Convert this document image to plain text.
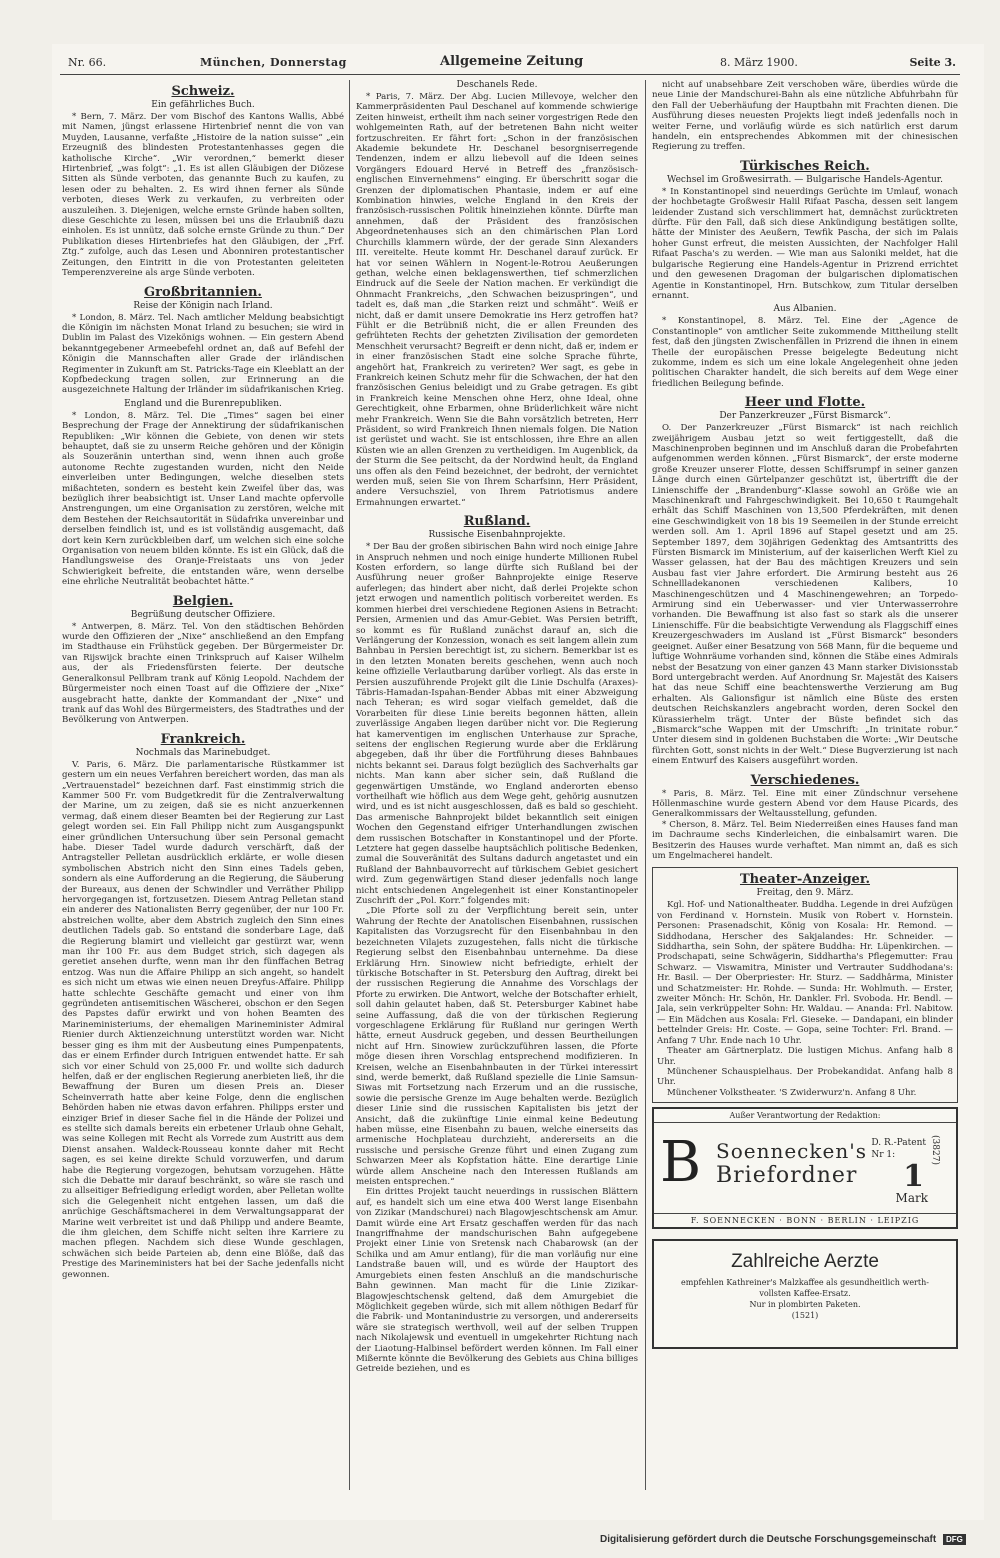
Nr. 66.	München, Donnerstag	Allgemeine Zeitung	8. März 1900.	Seite 3.
Schweiz.
Ein gefährliches Buch.

* Bern, 7. März. Der vom Bischof des Kantons Wallis, Abbé mit Namen, jüngst erlassene Hirtenbrief nennt die von van Muyden, Lausanne, verfaßte „Histoire de la nation suisse“ „ein Erzeugniß des blindesten Protestantenhasses gegen die katholische Kirche“. „Wir verordnen,“ bemerkt dieser Hirtenbrief, „was folgt“: „1. Es ist allen Gläubigen der Diözese Sitten als Sünde verboten, das genannte Buch zu kaufen, zu lesen oder zu behalten. 2. Es wird ihnen ferner als Sünde verboten, dieses Werk zu verkaufen, zu verbreiten oder auszuleihen. 3. Diejenigen, welche ernste Gründe haben sollten, diese Geschichte zu lesen, müssen bei uns die Erlaubniß dazu einholen. Es ist unnütz, daß solche ernste Gründe zu thun.“ Der Publikation dieses Hirtenbriefes hat den Gläubigen, der „Frf. Ztg.“ zufolge, auch das Lesen und Abonniren protestantischer Zeitungen, den Eintritt in die von Protestanten geleiteten Temperenzvereine als arge Sünde verboten.

Großbritannien.
Reise der Königin nach Irland.

* London, 8. März. Tel. Nach amtlicher Meldung beabsichtigt die Königin im nächsten Monat Irland zu besuchen; sie wird in Dublin im Palast des Vizekönigs wohnen. — Ein gestern Abend bekanntgegebener Armeebefehl ordnet an, daß auf Befehl der Königin die Mannschaften aller Grade der irländischen Regimenter in Zukunft am St. Patricks-Tage ein Kleeblatt an der Kopfbedeckung tragen sollen, zur Erinnerung an die ausgezeichnete Haltung der Irländer im südafrikanischen Krieg.

England und die Burenrepubliken.

* London, 8. März. Tel. Die „Times“ sagen bei einer Besprechung der Frage der Annektirung der südafrikanischen Republiken: „Wir können die Gebiete, von denen wir stets behauptet, daß sie zu unserm Reiche gehören und der Königin als Souzeränin unterthan sind, wenn ihnen auch große autonome Rechte zugestanden wurden, nicht den Neide einverleiben unter Bedingungen, welche dieselben stets mißachteten, sondern es besteht kein Zweifel über das, was bezüglich ihrer beabsichtigt ist. Unser Land machte opfervolle Anstrengungen, um eine Organisation zu zerstören, welche mit dem Bestehen der Reichsautorität in Südafrika unvereinbar und derselben feindlich ist, und es ist vollständig ausgemacht, daß dort kein Kern zurückbleiben darf, um welchen sich eine solche Organisation von neuem bilden könnte. Es ist ein Glück, daß die Handlungsweise des Oranje-Freistaats uns von jeder Schwierigkeit befreite, die entstanden wäre, wenn derselbe eine ehrliche Neutralität beobachtet hätte.“

Belgien.
Begrüßung deutscher Offiziere.

* Antwerpen, 8. März. Tel. Von den städtischen Behörden wurde den Offizieren der „Nixe“ anschließend an den Empfang im Stadthause ein Frühstück gegeben. Der Bürgermeister Dr. van Rijswijck brachte einen Trinkspruch auf Kaiser Wilhelm aus, der als Friedensfürsten feierte. Der deutsche Generalkonsul Pellbram trank auf König Leopold. Nachdem der Bürgermeister noch einen Toast auf die Offiziere der „Nixe“ ausgebracht hatte, dankte der Kommandant der „Nixe“ und trank auf das Wohl des Bürgermeisters, des Stadtrathes und der Bevölkerung von Antwerpen.

Frankreich.
Nochmals das Marinebudget.

V. Paris, 6. März. Die parlamentarische Rüstkammer ist gestern um ein neues Verfahren bereichert worden, das man als „Vertrauenstadel“ bezeichnen darf. Fast einstimmig strich die Kammer 500 Fr. vom Budgetkredit für die Zentralverwaltung der Marine, um zu zeigen, daß sie es nicht anzuerkennen vermag, daß einem dieser Beamten bei der Regierung zur Last gelegt worden sei. Ein Fall Philipp nicht zum Ausgangspunkt einer gründlichen Untersuchung über sein Personal gemacht habe. Dieser Tadel wurde dadurch verschärft, daß der Antragsteller Pelletan ausdrücklich erklärte, er wolle diesen symbolischen Abstrich nicht den Sinn eines Tadels geben, sondern als eine Aufforderung an die Regierung, die Säuberung der Bureaux, aus denen der Schwindler und Verräther Philipp hervorgegangen ist, fortzusetzen. Diesem Antrag Pelletan stand ein anderer des Nationalisten Berry gegenüber, der nur 100 Fr. abstreichen wollte, aber dem Abstrich zugleich den Sinn eines deutlichen Tadels gab. So entstand die sonderbare Lage, daß die Regierung blamirt und vielleicht gar gestürzt war, wenn man ihr 100 Fr. aus dem Budget strich, sich dagegen als geretiet ansehen durfte, wenn man ihr den fünffachen Betrag entzog. Was nun die Affaire Philipp an sich angeht, so handelt es sich nicht um etwas wie einen neuen Dreyfus-Affaire. Philipp hatte schlechte Geschäfte gemacht und einer von ihm gegründeten antisemitischen Wäscherei, obschon er den Segen des Papstes dafür erwirkt und von hohen Beamten des Marineministeriums, der ehemaligen Marineminister Admiral Rienier durch Aktienzeichnung unterstützt worden war. Nicht besser ging es ihm mit der Ausbeutung eines Pumpenpatents, das er einem Erfinder durch Intriguen entwendet hatte. Er sah sich vor einer Schuld von 25,000 Fr. und wollte sich dadurch helfen, daß er der englischen Regierung anerbieten ließ, ihr die Bewaffnung der Buren um diesen Preis an. Dieser Scheinverrath hatte aber keine Folge, denn die englischen Behörden haben nie etwas davon erfahren. Philipps erster und einziger Brief in dieser Sache fiel in die Hände der Polizei und es stellte sich damals bereits ein erbetener Urlaub ohne Gehalt, was seine Kollegen mit Recht als Vorrede zum Austritt aus dem Dienst ansahen. Waldeck-Rousseau konnte daher mit Recht sagen, es sei keine direkte Schuld vorzuwerfen, und darum habe die Regierung vorgezogen, behutsam vorzugehen. Hätte sich die Debatte mir darauf beschränkt, so wäre sie rasch und zu allseitiger Befriedigung erledigt worden, aber Pelletan wollte sich die Gelegenheit nicht entgehen lassen, um daß die anrüchige Geschäftsmacherei in dem Verwaltungsapparat der Marine weit verbreitet ist und daß Philipp und andere Beamte, die ihm gleichen, dem Schiffe nicht selten ihre Karriere zu machen pflegen. Nachdem sich diese Wunde geschlagen, schwächen sich beide Parteien ab, denn eine Blöße, daß das Prestige des Marineministers hat bei der Sache jedenfalls nicht gewonnen.

Deschanels Rede.

* Paris, 7. März. Der Abg. Lucien Millevoye, welcher den Kammerpräsidenten Paul Deschanel auf kommende schwierige Zeiten hinweist, ertheilt ihm nach seiner vorgestrigen Rede den wohlgemeinten Rath, auf der betretenen Bahn nicht weiter fortzuschreiten. Er fährt fort: „Schon in der französischen Akademie bekundete Hr. Deschanel besorgniserregende Tendenzen, indem er allzu liebevoll auf die Ideen seines Vorgängers Edouard Hervé in Betreff des „französisch-englischen Einvernehmens“ einging. Er überschritt sogar die Grenzen der diplomatischen Phantasie, indem er auf eine Kombination hinwies, welche England in den Kreis der französisch-russischen Politik hineinziehen könnte. Dürfte man annehmen, daß der Präsident des französischen Abgeordnetenhauses sich an den chimärischen Plan Lord Churchills klammern würde, der der gerade Sinn Alexanders III. vereitelte. Heute kommt Hr. Deschanel darauf zurück. Er hat vor seinen Wählern in Nogent-le-Rotrou Aeußerungen gethan, welche einen beklagenswerthen, tief schmerzlichen Eindruck auf die Seele der Nation machen. Er verkündigt die Ohnmacht Frankreichs, „den Schwachen beizuspringen“, und tadelt es, daß man „die Starken reizt und schmäht“. Weiß er nicht, daß er damit unsere Demokratie ins Herz getroffen hat? Fühlt er die Betrübniß nicht, die er allen Freunden des gefrühteten Rechts der gehetzten Zivilisation der gemordeten Menschheit verursacht? Begreift er denn nicht, daß er, indem er in einer französischen Stadt eine solche Sprache führte, angehört hat, Frankreich zu verireten? Wer sagt, es gebe in Frankreich keinen Schutz mehr für die Schwachen, der hat den französischen Genius beleidigt und zu Grabe getragen. Es gibt in Frankreich keine Menschen ohne Herz, ohne Ideal, ohne Gerechtigkeit, ohne Erbarmen, ohne Brüderlichkeit wäre nicht mehr Frankreich. Wenn Sie die Bahn vorsätzlich betreten, Herr Präsident, so wird Frankreich Ihnen niemals folgen. Die Nation ist gerüstet und wacht. Sie ist entschlossen, ihre Ehre an allen Küsten wie an allen Grenzen zu vertheidigen. Im Augenblick, da der Sturm die See peitscht, da der Nordwind heult, da England uns offen als den Feind bezeichnet, der bedroht, der vernichtet werden muß, seien Sie von Ihrem Scharfsinn, Herr Präsident, andere Versuchsziel, von Ihrem Patriotismus andere Ermahnungen erwartet.“

Rußland.
Russische Eisenbahnprojekte.

* Der Bau der großen sibirischen Bahn wird noch einige Jahre in Anspruch nehmen und noch einige hunderte Millionen Rubel Kosten erfordern, so lange dürfte sich Rußland bei der Ausführung neuer großer Bahnprojekte einige Reserve auferlegen; das hindert aber nicht, daß derlei Projekte schon jetzt erwogen und namentlich politisch vorbereitet werden. Es kommen hierbei drei verschiedene Regionen Asiens in Betracht: Persien, Armenien und das Amur-Gebiet. Was Persien betrifft, so kommt es für Rußland zunächst darauf an, sich die Verlängerung der Konzession, wonach es seit langem allein zum Bahnbau in Persien berechtigt ist, zu sichern. Bemerkbar ist es in den letzten Monaten bereits geschehen, wenn auch noch keine offizielle Verlautbarung darüber vorliegt. Als das erste in Persien auszuführende Projekt gilt die Linie Dschulfa (Araxes)-Täbris-Hamadan-Ispahan-Bender Abbas mit einer Abzweigung nach Teheran; es wird sogar vielfach gemeldet, daß die Vorarbeiten für diese Linie bereits begonnen hätten, allein zuverlässige Angaben liegen darüber nicht vor. Die Regierung hat kamerventigen im englischen Unterhause zur Sprache, seitens der englischen Regierung wurde aber die Erklärung abgegeben, daß ihr über die Fortführung dieses Bahnbaues nichts bekannt sei. Daraus folgt bezüglich des Sachverhalts gar nichts. Man kann aber sicher sein, daß Rußland die gegenwärtigen Umstände, wo England anderorten ebenso vortheilhaft wie höflich aus dem Wege geht, gehörig ausnutzen wird, und es ist nicht ausgeschlossen, daß es bald so geschieht. Das armenische Bahnprojekt bildet bekanntlich seit einigen Wochen den Gegenstand eifriger Unterhandlungen zwischen dem russischen Botschafter in Konstantinopel und der Pforte. Letztere hat gegen dasselbe hauptsächlich politische Bedenken, zumal die Souveränität des Sultans dadurch angetastet und ein Rußland der Bahnbauvorrecht auf türkischem Gebiet gesichert wird. Zum gegenwärtigen Stand dieser jedenfalls noch lange nicht entschiedenen Angelegenheit ist einer Konstantinopeler Zuschrift der „Pol. Korr.“ folgendes mit:

„Die Pforte soll zu der Verpflichtung bereit sein, unter Wahrung der Rechte der Anatolischen Eisenbahnen, russischen Kapitalisten das Vorzugsrecht für den Eisenbahnbau in den bezeichneten Vilajets zuzugestehen, falls nicht die türkische Regierung selbst den Eisenbahnbau unternehme. Da diese Erklärung Hrn. Sinowiew nicht befriedigte, erhielt der türkische Botschafter in St. Petersburg den Auftrag, direkt bei der russischen Regierung die Annahme des Vorschlags der Pforte zu erwirken. Die Antwort, welche der Botschafter erhielt, soll dahin gelautet haben, daß St. Petersburger Kabinet habe seine Auffassung, daß die von der türkischen Regierung vorgeschlagene Erklärung für Rußland nur geringen Werth hätte, erneut Ausdruck gegeben, und dessen Beurtheilungen nicht auf Hrn. Sinowiew zurückzuführen lassen, die Pforte möge diesen ihren Vorschlag entsprechend modifizieren. In Kreisen, welche an Eisenbahnbauten in der Türkei interessirt sind, werde bemerkt, daß Rußland spezielle die Linie Samsun-Siwas mit Fortsetzung nach Erzerum und an die russische, sowie die persische Grenze im Auge behalten werde. Bezüglich dieser Linie sind die russischen Kapitalisten bis jetzt der Ansicht, daß die zukünftige Linie einmal keine Bedeutung haben müsse, eine Eisenbahn zu bauen, welche einerseits das armenische Hochplateau durchzieht, andererseits an die russische und persische Grenze führt und einen Zugang zum Schwarzen Meer als Kopfstation hätte. Eine derartige Linie würde allem Anscheine nach den Interessen Rußlands am meisten entsprechen.“

Ein drittes Projekt taucht neuerdings in russischen Blättern auf, es handelt sich um eine etwa 400 Werst lange Eisenbahn von Zizikar (Mandschurei) nach Blagowjeschtschensk am Amur. Damit würde eine Art Ersatz geschaffen werden für das nach Inangriffnahme der mandschurischen Bahn aufgegebene Projekt einer Linie von Sretensk nach Chabarowsk (an der Schilka und am Amur entlang), für die man vorläufig nur eine Landstraße bauen will, und es würde der Hauptort des Amurgebiets einen festen Anschluß an die mandschurische Bahn gewinnen. Man macht für die Linie Zizikar-Blagowjeschtschensk geltend, daß dem Amurgebiet die Möglichkeit gegeben würde, sich mit allem nöthigen Bedarf für die Fabrik- und Montanindustrie zu versorgen, und andererseits wäre sie strategisch werthvoll, weil auf der selben Truppen nach Nikolajewsk und eventuell in umgekehrter Richtung nach der Liaotung-Halbinsel befördert werden können. Im Fall einer Mißernte könnte die Bevölkerung des Gebiets aus China billiges Getreide beziehen, und es

nicht auf unabsehbare Zeit verschoben wäre, überdies würde die neue Linie der Mandschurei-Bahn als eine nützliche Abfuhrbahn für den Fall der Ueberhäufung der Hauptbahn mit Frachten dienen. Die Ausführung dieses neuesten Projekts liegt indeß jedenfalls noch in weiter Ferne, und vorläufig würde es sich natürlich erst darum handeln, ein entsprechendes Abkommen mit der chinesischen Regierung zu treffen.

Türkisches Reich.
Wechsel im Großwesirrath. — Bulgarische Handels-Agentur.

* In Konstantinopel sind neuerdings Gerüchte im Umlauf, wonach der hochbetagte Großwesir Halil Rifaat Pascha, dessen seit langem leidender Zustand sich verschlimmert hat, demnächst zurücktreten dürfte. Für den Fall, daß sich diese Ankündigung bestätigen sollte, hätte der Minister des Aeußern, Tewfik Pascha, der sich im Palais hoher Gunst erfreut, die meisten Aussichten, der Nachfolger Halil Rifaat Pascha's zu werden. — Wie man aus Saloniki meldet, hat die bulgarische Regierung eine Handels-Agentur in Prizrend errichtet und den gewesenen Dragoman der bulgarischen diplomatischen Agentie in Konstantinopel, Hrn. Butschkow, zum Titular derselben ernannt.

Aus Albanien.

* Konstantinopel, 8. März. Tel. Eine der „Agence de Constantinople“ von amtlicher Seite zukommende Mittheilung stellt fest, daß den jüngsten Zwischenfällen in Prizrend die ihnen in einem Theile der europäischen Presse beigelegte Bedeutung nicht zukomme, indem es sich um eine lokale Angelegenheit ohne jeden politischen Charakter handelt, die sich bereits auf dem Wege einer friedlichen Beilegung befinde.

Heer und Flotte.
Der Panzerkreuzer „Fürst Bismarck“.

O. Der Panzerkreuzer „Fürst Bismarck“ ist nach reichlich zweijährigem Ausbau jetzt so weit fertiggestellt, daß die Maschinenproben beginnen und im Anschluß daran die Probefahrten aufgenommen werden können. „Fürst Bismarck“, der erste moderne große Kreuzer unserer Flotte, dessen Schiffsrumpf in seiner ganzen Länge durch einen Gürtelpanzer geschützt ist, übertrifft die der Linienschiffe der „Brandenburg“-Klasse sowohl an Größe wie an Maschinenkraft und Fahrgeschwindigkeit. Bei 10,650 t Raumgehalt erhält das Schiff Maschinen von 13,500 Pferdekräften, mit denen eine Geschwindigkeit von 18 bis 19 Seemeilen in der Stunde erreicht werden soll. Am 1. April 1896 auf Stapel gesetzt und am 25. September 1897, dem 30jährigen Gedenktag des Amtsantritts des Fürsten Bismarck im Ministerium, auf der kaiserlichen Werft Kiel zu Wasser gelassen, hat der Bau des mächtigen Kreuzers und sein Ausbau fast vier Jahre erfordert. Die Armirung besteht aus 26 Schnellladekanonen verschiedenen Kalibers, 10 Maschinengeschützen und 4 Maschinengewehren; an Torpedo-Armirung sind ein Ueberwasser- und vier Unterwasserrohre vorhanden. Die Bewaffnung ist also fast so stark als die unserer Linienschiffe. Für die beabsichtigte Verwendung als Flaggschiff eines Kreuzergeschwaders im Ausland ist „Fürst Bismarck“ besonders geeignet. Außer einer Besatzung von 568 Mann, für die bequeme und luftige Wohnräume vorhanden sind, können die Stäbe eines Admirals nebst der Besatzung von einer ganzen 43 Mann starker Divisionsstab Bord untergebracht werden. Auf Anordnung Sr. Majestät des Kaisers hat das neue Schiff eine beachtenswerthe Verzierung am Bug erhalten. Als Galionsfigur ist nämlich eine Büste des ersten deutschen Reichskanzlers angebracht worden, deren Sockel den Kürassierhelm trägt. Unter der Büste befindet sich das „Bismarck“sche Wappen mit der Umschrift: „In trinitate robur.“ Unter diesem sind in goldenen Buchstaben die Worte: „Wir Deutsche fürchten Gott, sonst nichts in der Welt.“ Diese Bugverzierung ist nach einem Entwurf des Kaisers ausgeführt worden.

Verschiedenes.

* Paris, 8. März. Tel. Eine mit einer Zündschnur versehene Höllenmaschine wurde gestern Abend vor dem Hause Picards, des Generalkommissars der Weltausstellung, gefunden.

* Cherson, 8. März. Tel. Beim Niederreißen eines Hauses fand man im Dachraume sechs Kinderleichen, die einbalsamirt waren. Die Besitzerin des Hauses wurde verhaftet. Man nimmt an, daß es sich um Engelmacherei handelt.

Theater-Anzeiger.
Freitag, den 9. März.

Kgl. Hof- und Nationaltheater. Buddha. Legende in drei Aufzügen von Ferdinand v. Hornstein. Musik von Robert v. Hornstein. Personen: Prasenadschit, König von Kosala: Hr. Remond. — Siddhodana, Herscher des Sakjalandes: Hr. Schneider. — Siddhartha, sein Sohn, der spätere Buddha: Hr. Lüpenkirchen. — Prodschapati, seine Schwägerin, Siddhartha's Pflegemutter: Frau Schwarz. — Viswamitra, Minister und Vertrauter Suddhodana's: Hr. Basil. — Der Oberpriester: Hr. Sturz. — Saddhârma, Minister und Schatzmeister: Hr. Rohde. — Sunda: Hr. Wohlmuth. — Erster, zweiter Mönch: Hr. Schön, Hr. Dankler. Frl. Svoboda. Hr. Bendl. — Jala, sein verkrüppelter Sohn: Hr. Waldau. — Ananda: Frl. Nabitow. — Ein Mädchen aus Kosala: Frl. Gieseke. — Dandapani, ein blinder bettelnder Greis: Hr. Coste. — Gopa, seine Tochter: Frl. Brand. — Anfang 7 Uhr. Ende nach 10 Uhr.

Theater am Gärtnerplatz. Die lustigen Michus. Anfang halb 8 Uhr.

Münchener Schauspielhaus. Der Probekandidat. Anfang halb 8 Uhr.

Münchener Volkstheater. 'S Zwiderwurz'n. Anfang 8 Uhr.

Außer Verantwortung der Redaktion:
B Soennecken's
Briefordner
D. R.-Patent
Nr 1:
1
Mark
(3827)
F. SOENNECKEN · BONN · BERLIN · LEIPZIG
Zahlreiche Aerzte
empfehlen Kathreiner's Malzkaffee als gesundheitlich werth-
vollsten Kaffee-Ersatz.
Nur in plombirten Paketen.
(1521)
Digitalisierung gefördert durch die Deutsche Forschungsgemeinschaft DFG
